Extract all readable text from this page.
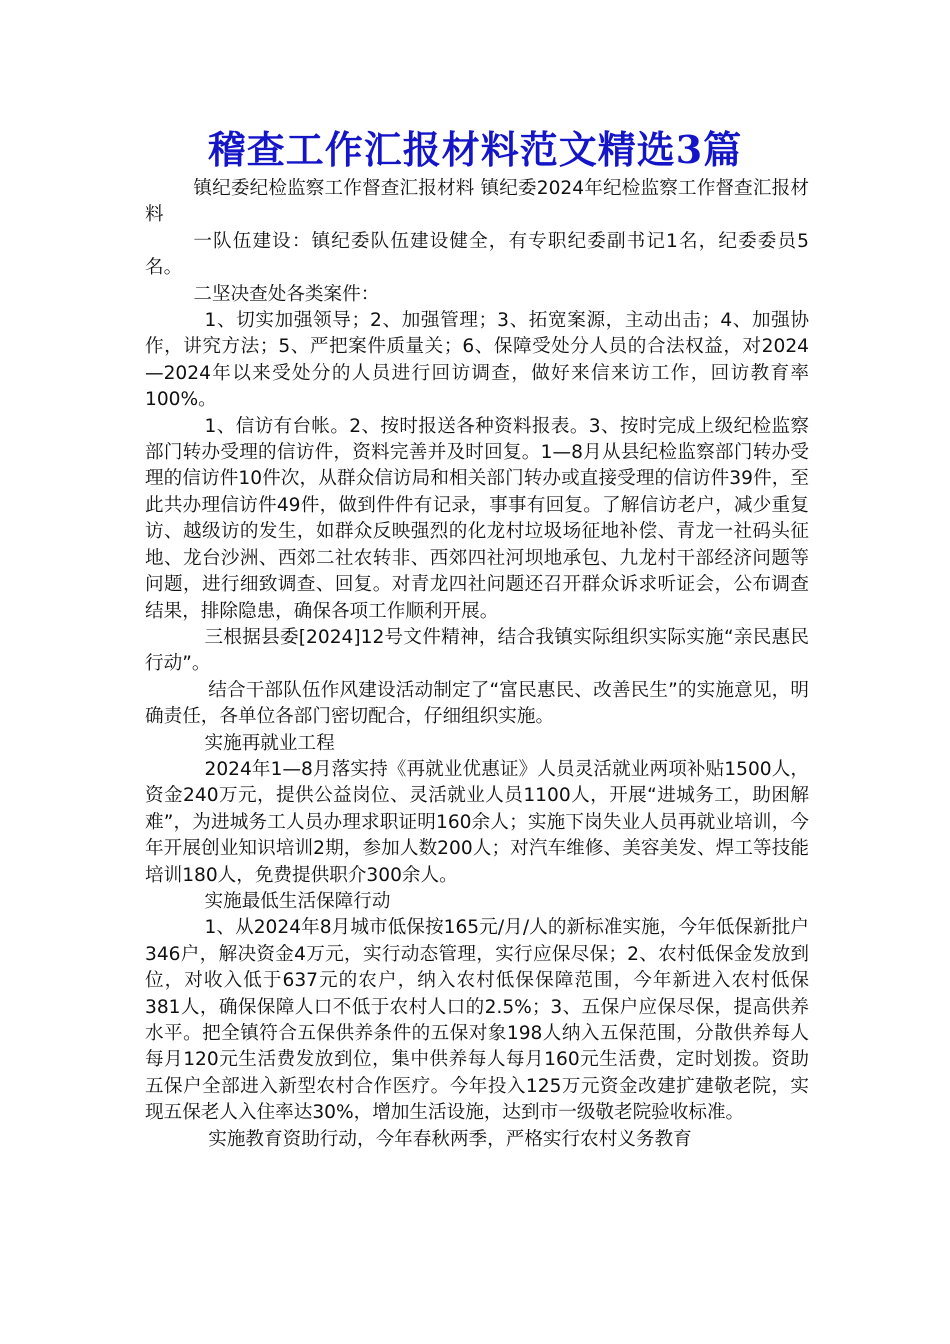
稽查工作汇报材料范文精选3篇

镇纪委纪检监察工作督查汇报材料 镇纪委2024年纪检监察工作督查汇报材料

一队伍建设：镇纪委队伍建设健全，有专职纪委副书记1名，纪委委员5名。

二坚决查处各类案件：

1、切实加强领导；2、加强管理；3、拓宽案源，主动出击；4、加强协作，讲究方法；5、严把案件质量关；6、保障受处分人员的合法权益，对2024—2024年以来受处分的人员进行回访调查，做好来信来访工作，回访教育率100%。

1、信访有台帐。2、按时报送各种资料报表。3、按时完成上级纪检监察部门转办受理的信访件，资料完善并及时回复。1—8月从县纪检监察部门转办受理的信访件10件次，从群众信访局和相关部门转办或直接受理的信访件39件，至此共办理信访件49件，做到件件有记录，事事有回复。了解信访老户，减少重复访、越级访的发生，如群众反映强烈的化龙村垃圾场征地补偿、青龙一社码头征地、龙台沙洲、西郊二社农转非、西郊四社河坝地承包、九龙村干部经济问题等问题，进行细致调查、回复。对青龙四社问题还召开群众诉求听证会，公布调查结果，排除隐患，确保各项工作顺利开展。

三根据县委[2024]12号文件精神，结合我镇实际组织实际实施“亲民惠民行动”。

结合干部队伍作风建设活动制定了“富民惠民、改善民生”的实施意见，明确责任，各单位各部门密切配合，仔细组织实施。

实施再就业工程

2024年1—8月落实持《再就业优惠证》人员灵活就业两项补贴1500人，资金240万元，提供公益岗位、灵活就业人员1100人，开展“进城务工，助困解难”，为进城务工人员办理求职证明160余人；实施下岗失业人员再就业培训，今年开展创业知识培训2期，参加人数200人；对汽车维修、美容美发、焊工等技能培训180人，免费提供职介300余人。

实施最低生活保障行动

1、从2024年8月城市低保按165元/月/人的新标准实施，今年低保新批户346户，解决资金4万元，实行动态管理，实行应保尽保；2、农村低保金发放到位，对收入低于637元的农户，纳入农村低保保障范围，今年新进入农村低保381人，确保保障人口不低于农村人口的2.5%；3、五保户应保尽保，提高供养水平。把全镇符合五保供养条件的五保对象198人纳入五保范围，分散供养每人每月120元生活费发放到位，集中供养每人每月160元生活费，定时划拨。资助五保户全部进入新型农村合作医疗。今年投入125万元资金改建扩建敬老院，实现五保老人入住率达30%，增加生活设施，达到市一级敬老院验收标准。

实施教育资助行动，今年春秋两季，严格实行农村义务教育
